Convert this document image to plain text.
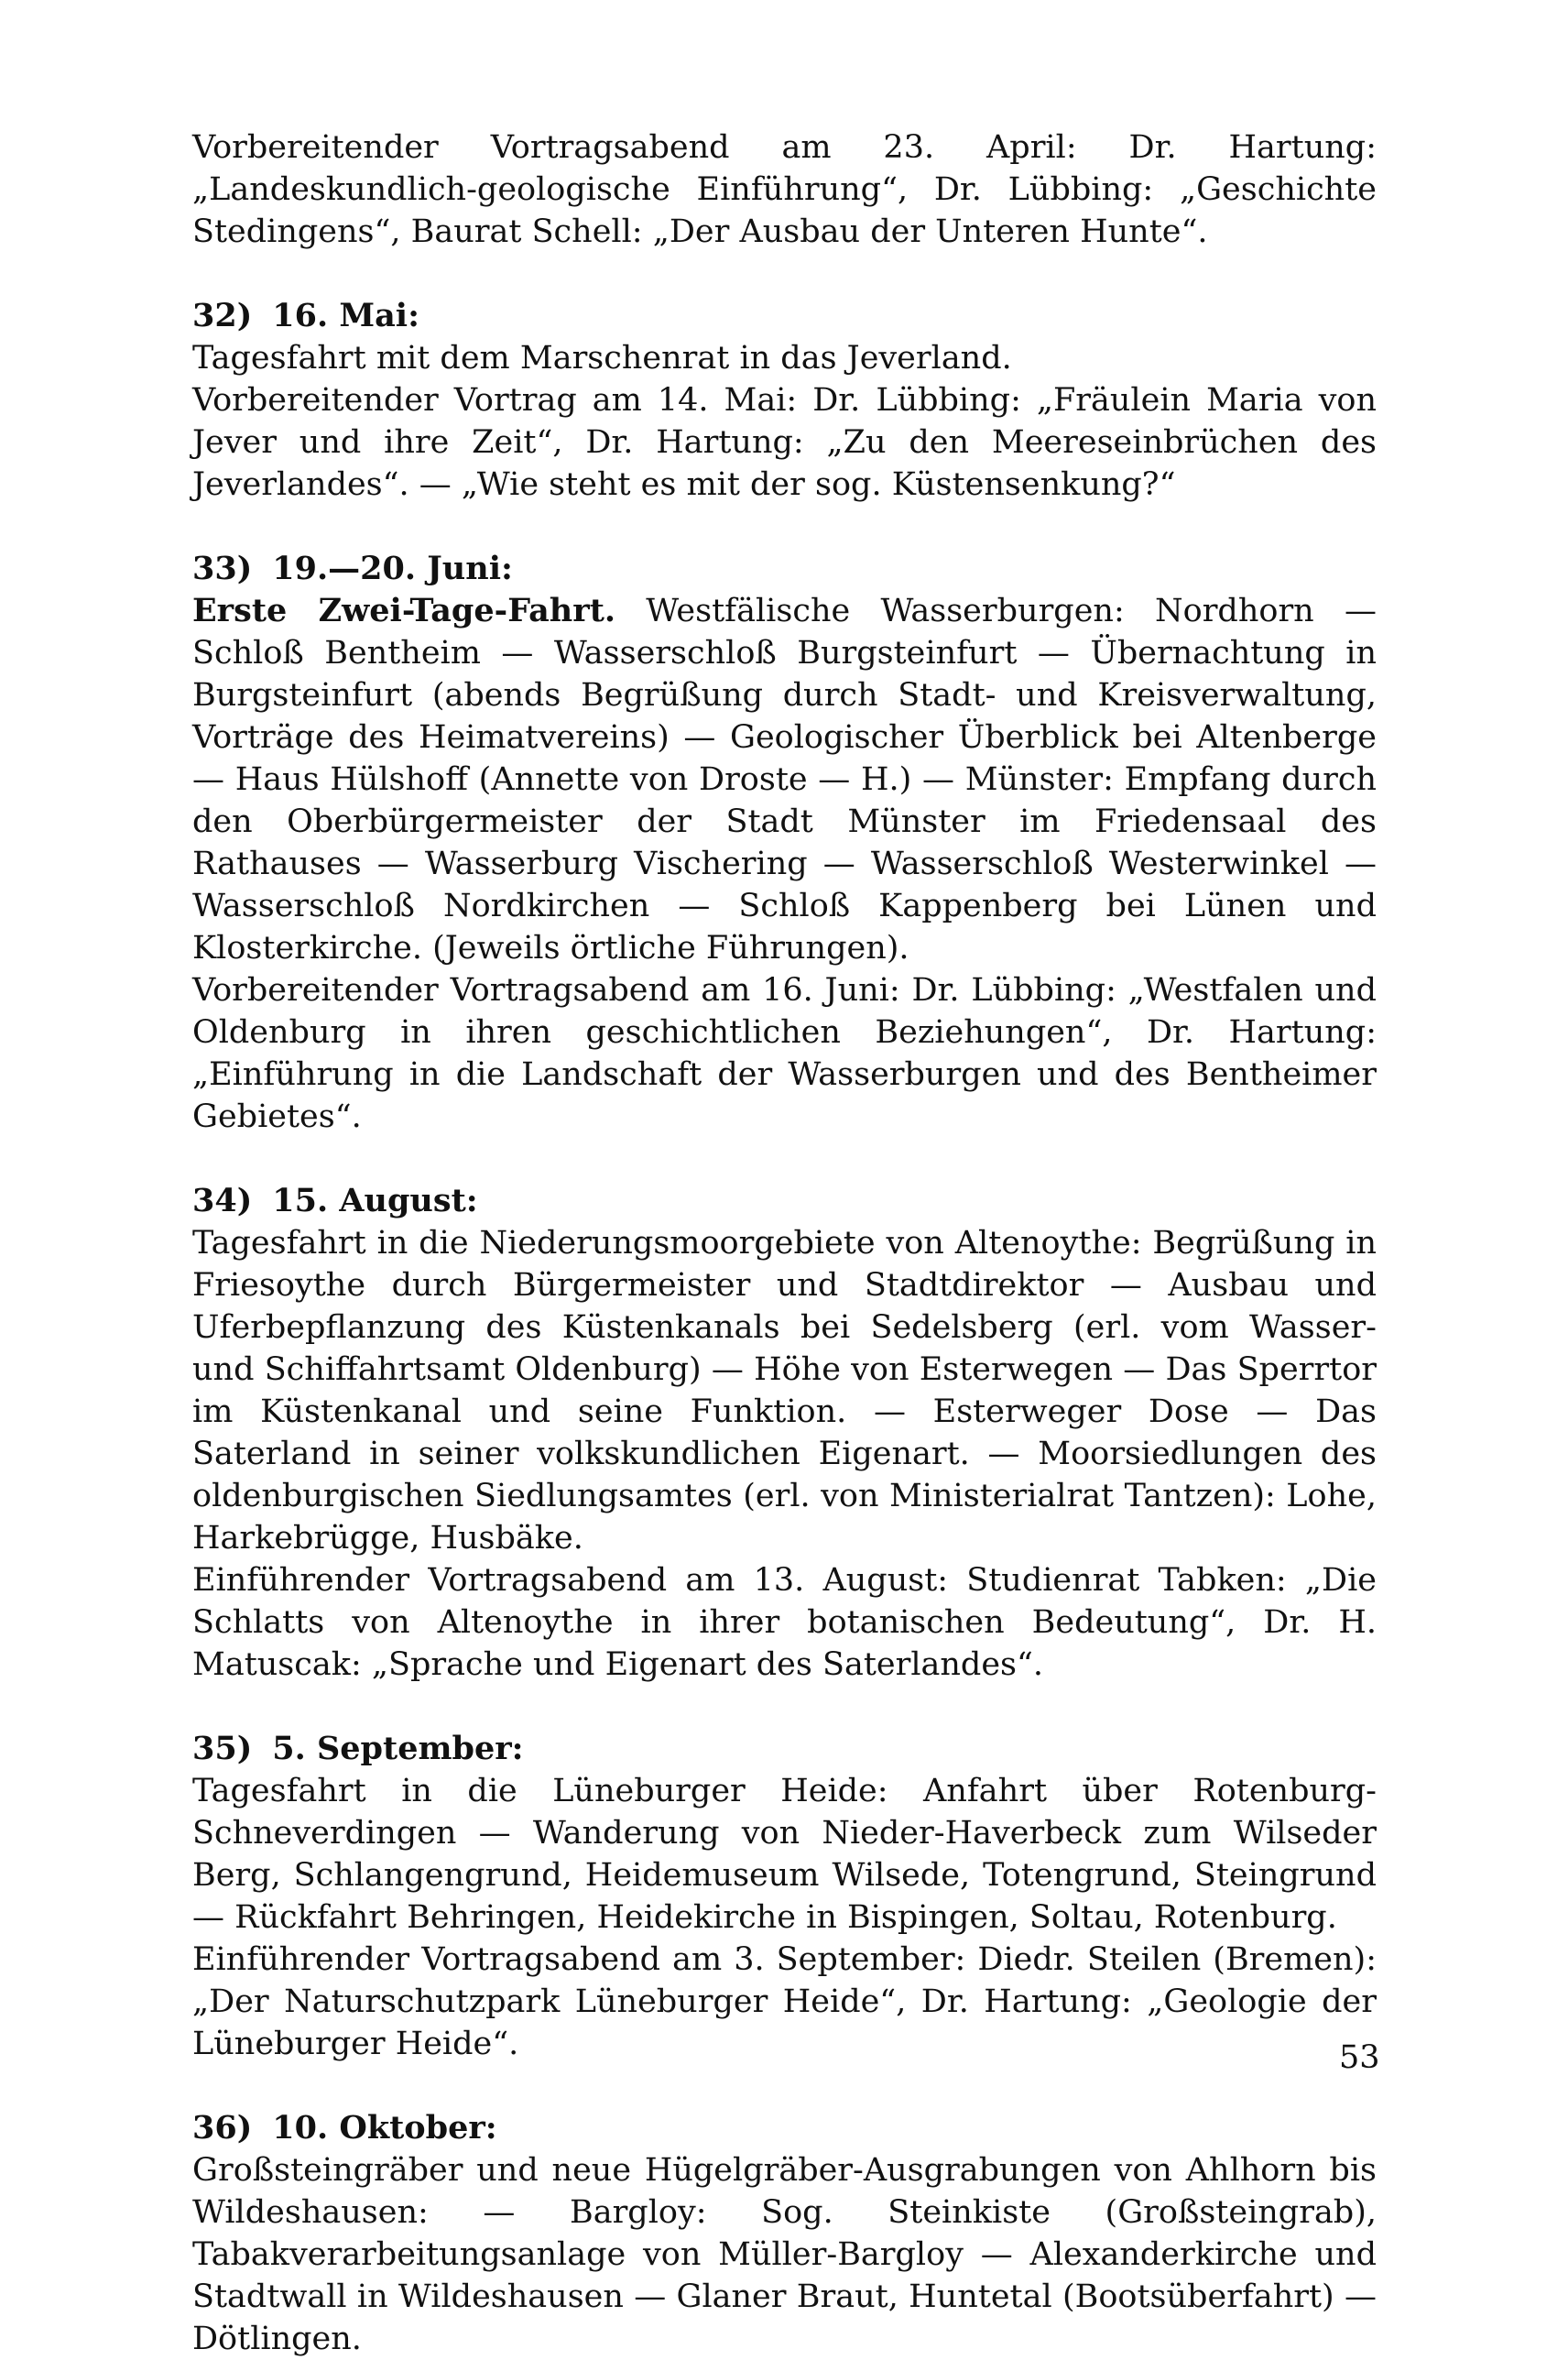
Vorbereitender Vortragsabend am 23. April: Dr. Hartung: „Landeskundlich-geologische Einführung“, Dr. Lübbing: „Geschichte Stedingens“, Baurat Schell: „Der Ausbau der Unteren Hunte“.

32) 16. Mai:

Tagesfahrt mit dem Marschenrat in das Jeverland.

Vorbereitender Vortrag am 14. Mai: Dr. Lübbing: „Fräulein Maria von Jever und ihre Zeit“, Dr. Hartung: „Zu den Meereseinbrüchen des Jeverlandes“. — „Wie steht es mit der sog. Küstensenkung?“

33) 19.—20. Juni:

Erste Zwei-Tage-Fahrt. Westfälische Wasserburgen: Nordhorn — Schloß Bentheim — Wasserschloß Burgsteinfurt — Übernachtung in Burgsteinfurt (abends Begrüßung durch Stadt- und Kreisverwaltung, Vorträge des Heimatvereins) — Geologischer Überblick bei Altenberge — Haus Hülshoff (Annette von Droste — H.) — Münster: Empfang durch den Oberbürgermeister der Stadt Münster im Friedensaal des Rathauses — Wasserburg Vischering — Wasserschloß Westerwinkel — Wasserschloß Nordkirchen — Schloß Kappenberg bei Lünen und Klosterkirche. (Jeweils örtliche Führungen).

Vorbereitender Vortragsabend am 16. Juni: Dr. Lübbing: „Westfalen und Oldenburg in ihren geschichtlichen Beziehungen“, Dr. Hartung: „Einführung in die Landschaft der Wasserburgen und des Bentheimer Gebietes“.

34) 15. August:

Tagesfahrt in die Niederungsmoorgebiete von Altenoythe: Begrüßung in Friesoythe durch Bürgermeister und Stadtdirektor — Ausbau und Uferbepflanzung des Küstenkanals bei Sedelsberg (erl. vom Wasser- und Schiffahrtsamt Oldenburg) — Höhe von Esterwegen — Das Sperrtor im Küstenkanal und seine Funktion. — Esterweger Dose — Das Saterland in seiner volkskundlichen Eigenart. — Moorsiedlungen des oldenburgischen Siedlungsamtes (erl. von Ministerialrat Tantzen): Lohe, Harkebrügge, Husbäke.

Einführender Vortragsabend am 13. August: Studienrat Tabken: „Die Schlatts von Altenoythe in ihrer botanischen Bedeutung“, Dr. H. Matuscak: „Sprache und Eigenart des Saterlandes“.

35) 5. September:

Tagesfahrt in die Lüneburger Heide: Anfahrt über Rotenburg-Schneverdingen — Wanderung von Nieder-Haverbeck zum Wilseder Berg, Schlangengrund, Heidemuseum Wilsede, Totengrund, Steingrund — Rückfahrt Behringen, Heidekirche in Bispingen, Soltau, Rotenburg.

Einführender Vortragsabend am 3. September: Diedr. Steilen (Bremen): „Der Naturschutzpark Lüneburger Heide“, Dr. Hartung: „Geologie der Lüneburger Heide“.

36) 10. Oktober:

Großsteingräber und neue Hügelgräber-Ausgrabungen von Ahlhorn bis Wildeshausen: — Bargloy: Sog. Steinkiste (Großsteingrab), Tabakverarbeitungsanlage von Müller-Bargloy — Alexanderkirche und Stadtwall in Wildeshausen — Glaner Braut, Huntetal (Bootsüberfahrt) — Dötlingen.

53
